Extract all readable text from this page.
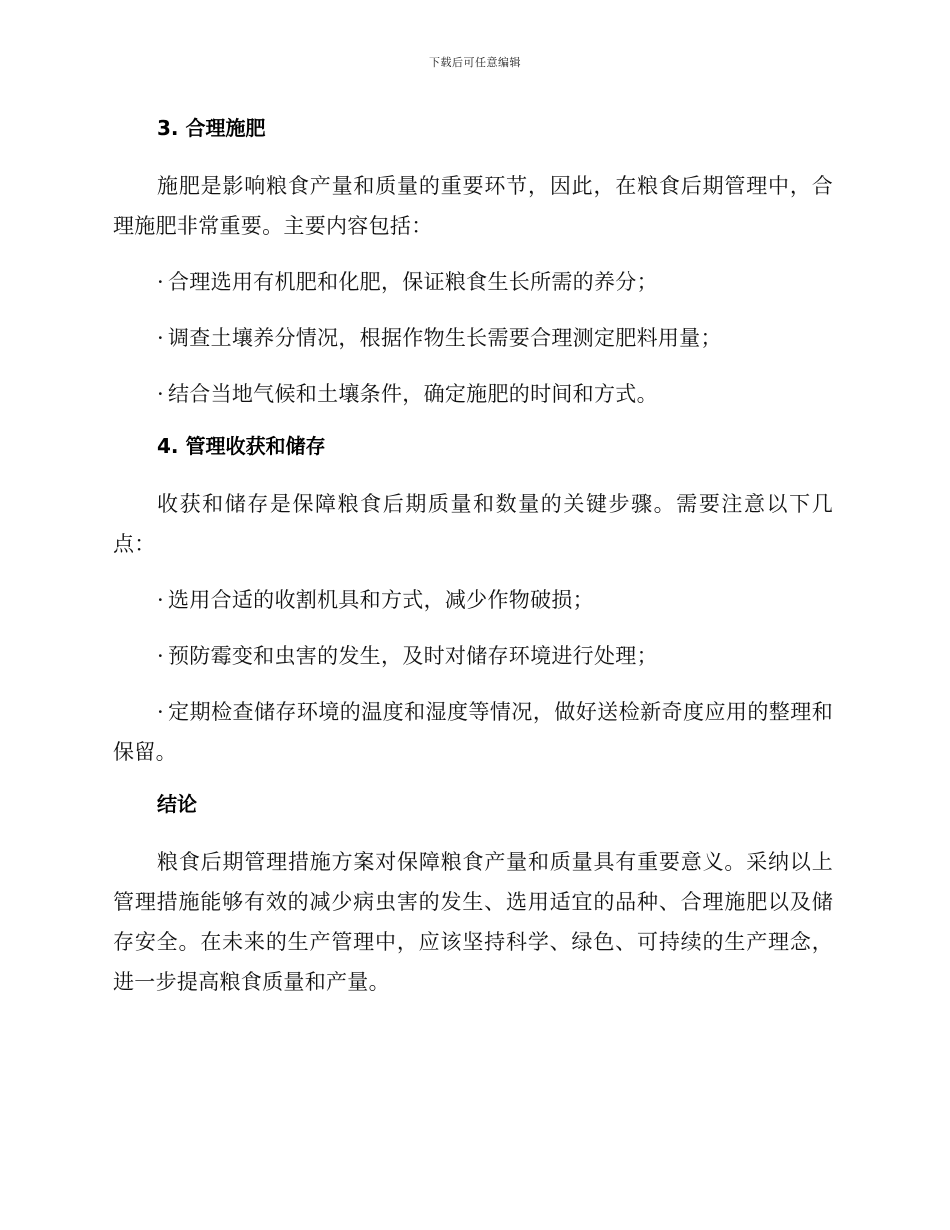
下载后可任意编辑
3. 合理施肥

施肥是影响粮食产量和质量的重要环节，因此，在粮食后期管理中，合理施肥非常重要。主要内容包括：

· 合理选用有机肥和化肥，保证粮食生长所需的养分；

· 调查土壤养分情况，根据作物生长需要合理测定肥料用量；

· 结合当地气候和土壤条件，确定施肥的时间和方式。

4. 管理收获和储存

收获和储存是保障粮食后期质量和数量的关键步骤。需要注意以下几点：

· 选用合适的收割机具和方式，减少作物破损；

· 预防霉变和虫害的发生，及时对储存环境进行处理；

· 定期检查储存环境的温度和湿度等情况，做好送检新奇度应用的整理和保留。

结论

粮食后期管理措施方案对保障粮食产量和质量具有重要意义。采纳以上管理措施能够有效的减少病虫害的发生、选用适宜的品种、合理施肥以及储存安全。在未来的生产管理中，应该坚持科学、绿色、可持续的生产理念，进一步提高粮食质量和产量。
